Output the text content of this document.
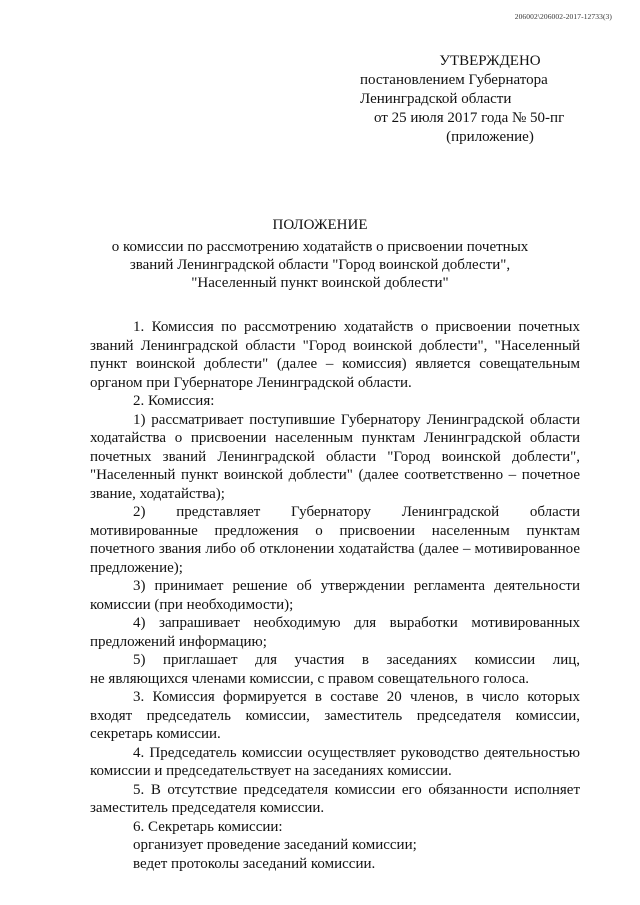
206002\206002-2017-12733(3)
УТВЕРЖДЕНО
постановлением Губернатора
Ленинградской области
от 25 июля 2017 года № 50-пг
(приложение)
ПОЛОЖЕНИЕ
о комиссии по рассмотрению ходатайств о присвоении почетных
званий Ленинградской области "Город воинской доблести",
"Населенный пункт воинской доблести"

1. Комиссия по рассмотрению ходатайств о присвоении почетных званий Ленинградской области "Город воинской доблести", "Населенный пункт воинской доблести" (далее – комиссия) является совещательным органом при Губернаторе Ленинградской области.

2. Комиссия:

1) рассматривает поступившие Губернатору Ленинградской области ходатайства о присвоении населенным пунктам Ленинградской области почетных званий Ленинградской области "Город воинской доблести", "Населенный пункт воинской доблести" (далее соответственно – почетное звание, ходатайства);

2) представляет Губернатору Ленинградской области мотивированные предложения о присвоении населенным пунктам почетного звания либо об отклонении ходатайства (далее – мотивированное предложение);

3) принимает решение об утверждении регламента деятельности комиссии (при необходимости);

4) запрашивает необходимую для выработки мотивированных предложений информацию;

5) приглашает для участия в заседаниях комиссии лиц,

не являющихся членами комиссии, с правом совещательного голоса.

3. Комиссия формируется в составе 20 членов, в число которых входят председатель комиссии, заместитель председателя комиссии, секретарь комиссии.

4. Председатель комиссии осуществляет руководство деятельностью комиссии и председательствует на заседаниях комиссии.

5. В отсутствие председателя комиссии его обязанности исполняет заместитель председателя комиссии.

6. Секретарь комиссии:

организует проведение заседаний комиссии;

ведет протоколы заседаний комиссии.
